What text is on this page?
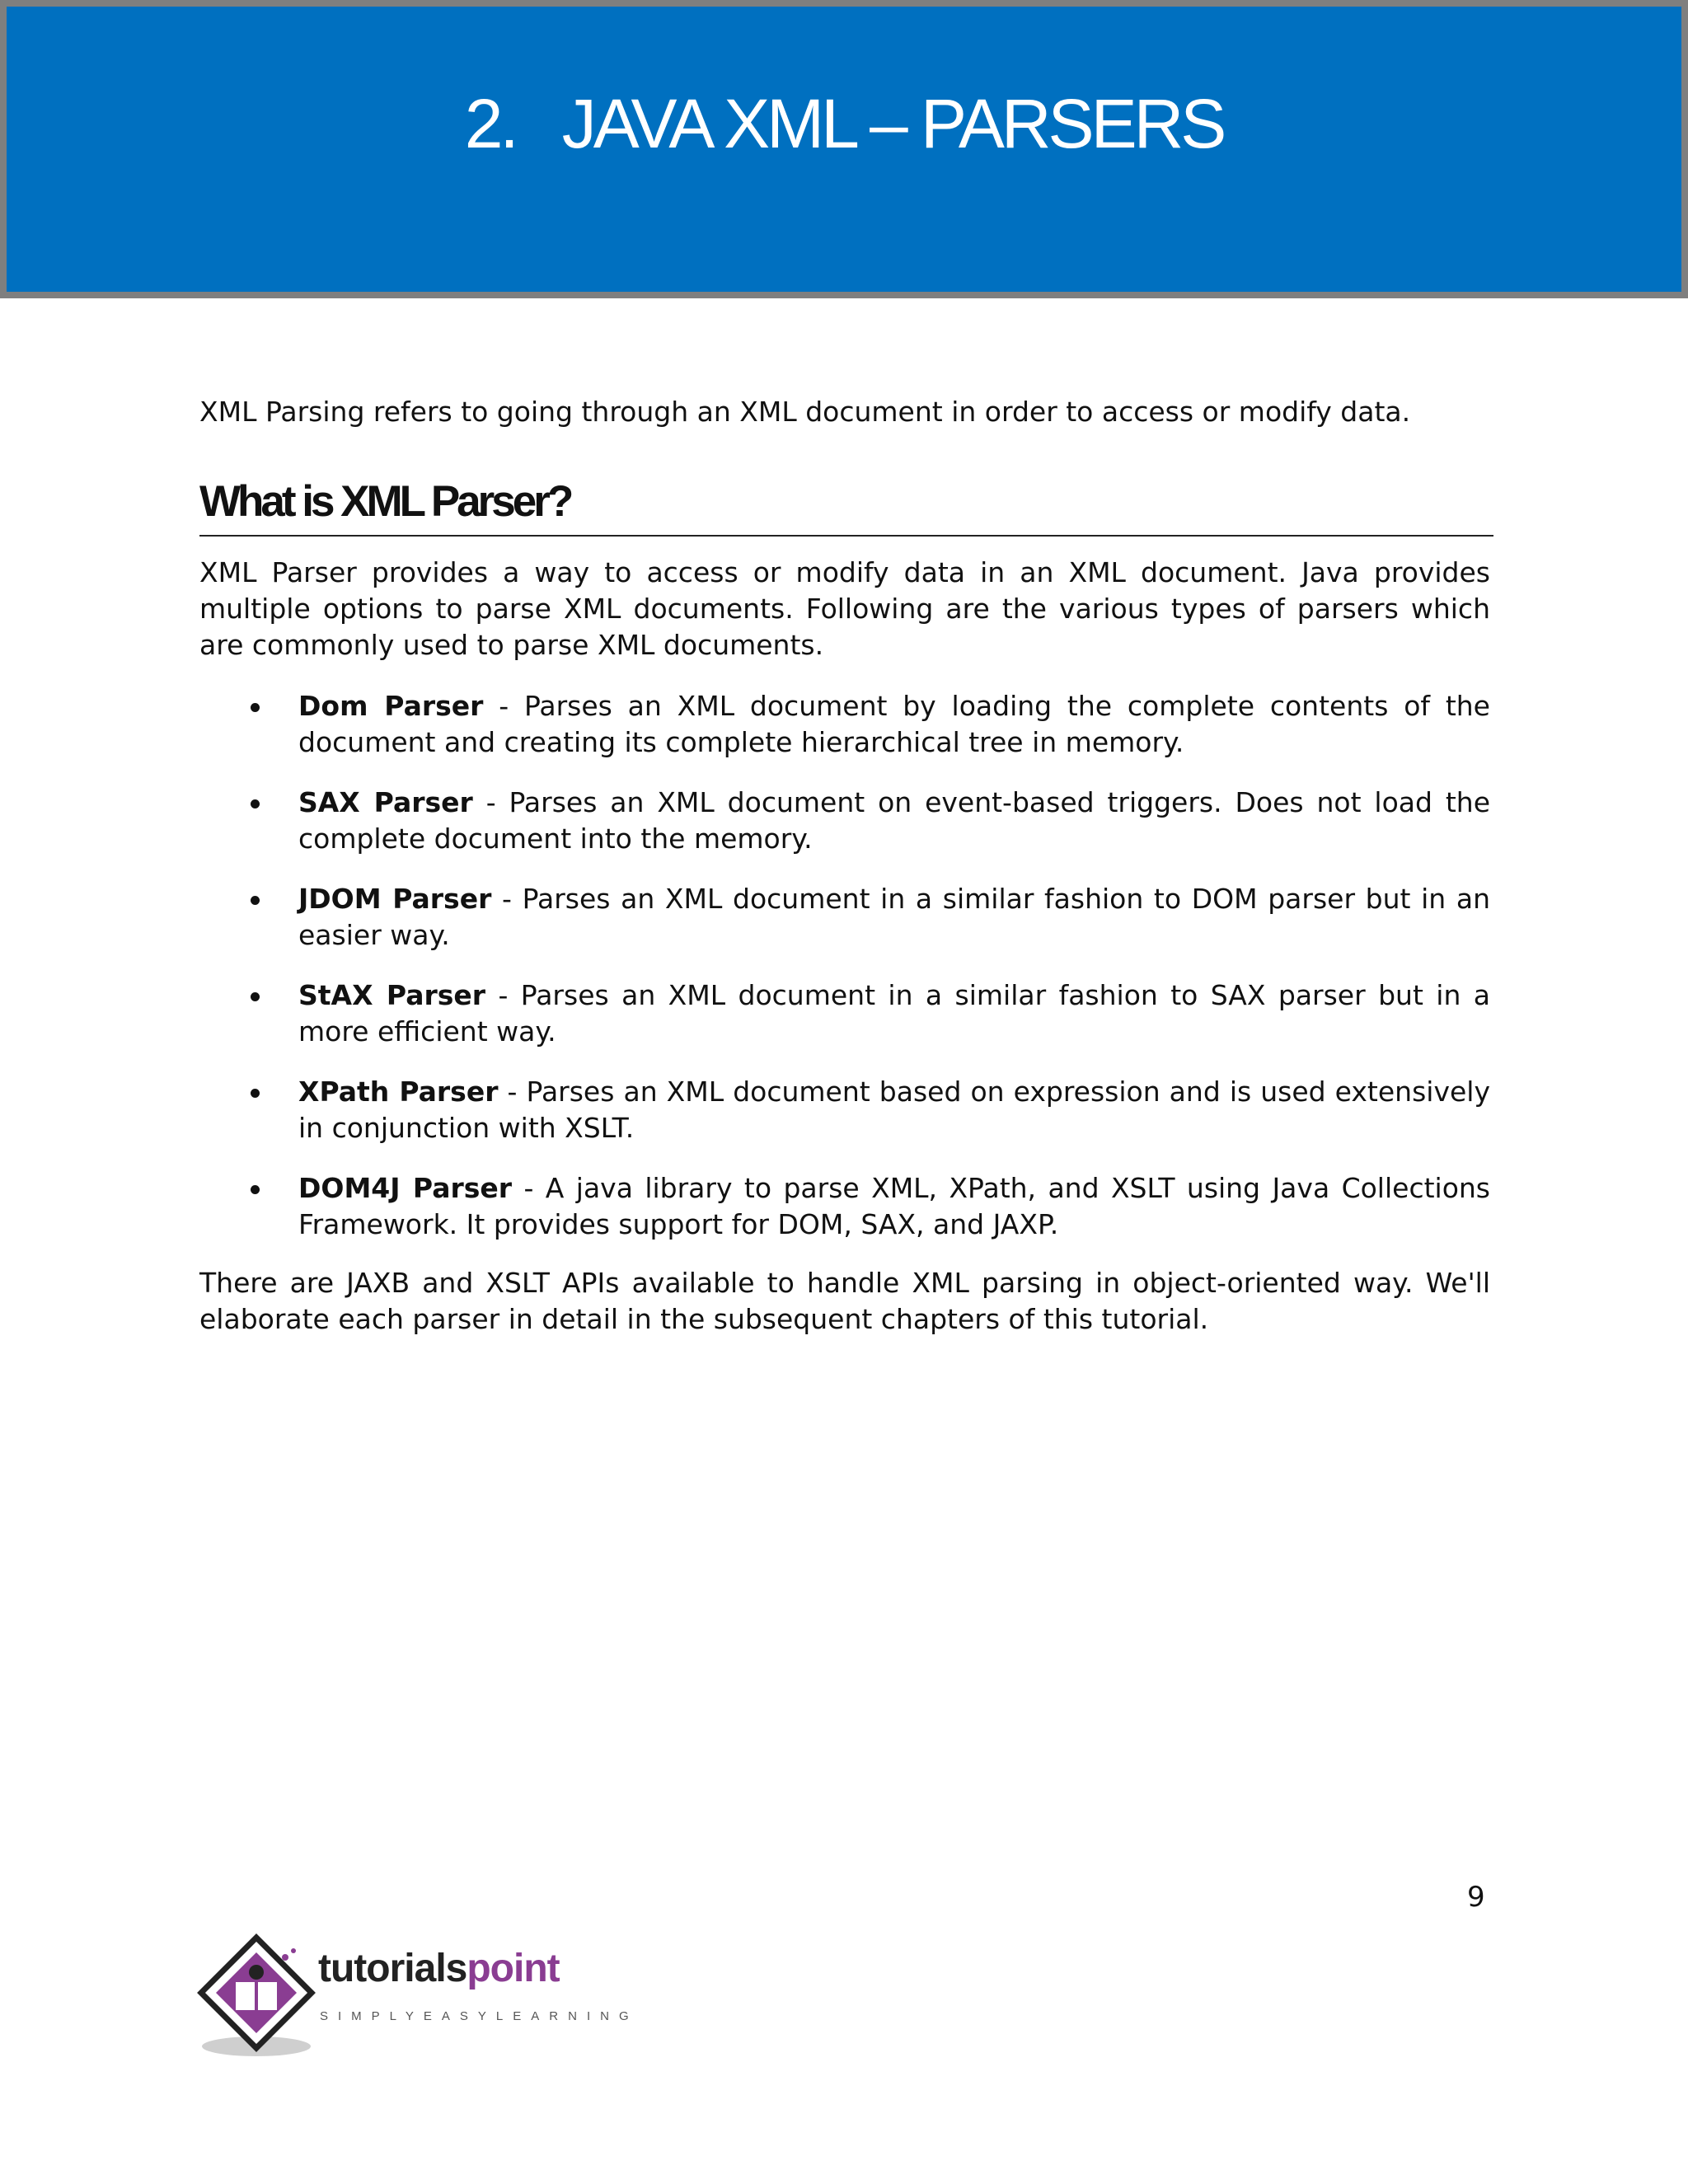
2. JAVA XML – PARSERS

XML Parsing refers to going through an XML document in order to access or modify data.

What is XML Parser?

XML Parser provides a way to access or modify data in an XML document. Java provides multiple options to parse XML documents. Following are the various types of parsers which are commonly used to parse XML documents.

Dom Parser - Parses an XML document by loading the complete contents of the document and creating its complete hierarchical tree in memory.

SAX Parser - Parses an XML document on event-based triggers. Does not load the complete document into the memory.

JDOM Parser - Parses an XML document in a similar fashion to DOM parser but in an easier way.

StAX Parser - Parses an XML document in a similar fashion to SAX parser but in a more efficient way.

XPath Parser - Parses an XML document based on expression and is used extensively in conjunction with XSLT.

DOM4J Parser - A java library to parse XML, XPath, and XSLT using Java Collections Framework. It provides support for DOM, SAX, and JAXP.

There are JAXB and XSLT APIs available to handle XML parsing in object-oriented way. We'll elaborate each parser in detail in the subsequent chapters of this tutorial.

9
tutorialspoint
SIMPLYEASYLEARNING
